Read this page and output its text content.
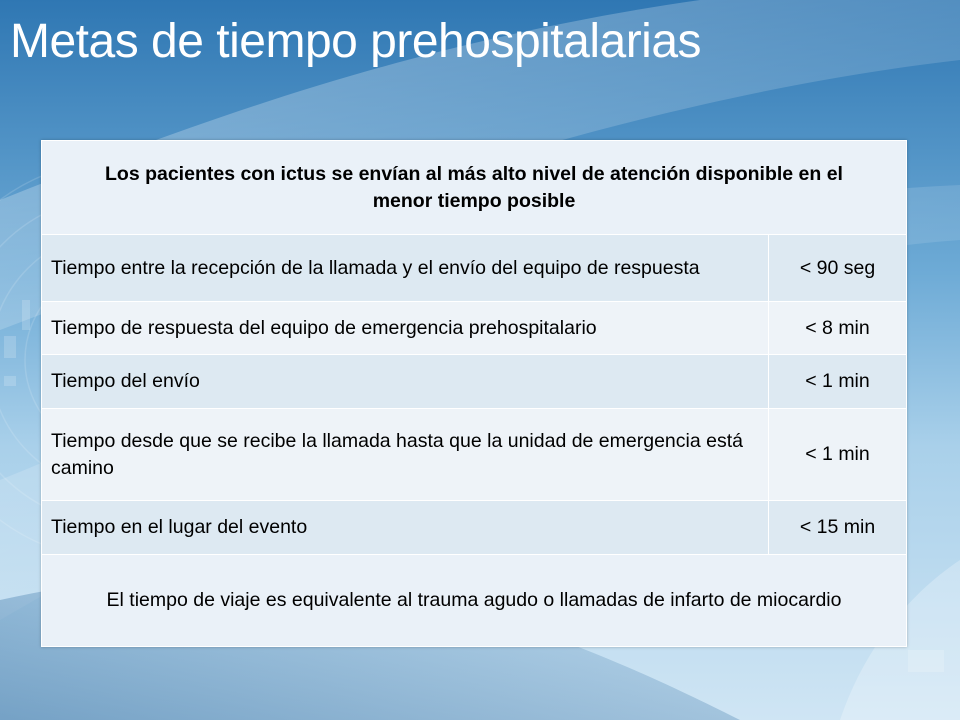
Metas de tiempo prehospitalarias
Los pacientes con ictus se envían al más alto nivel de atención disponible en el menor tiempo posible	
Tiempo entre la recepción de la llamada y el envío del equipo de respuesta	< 90 seg
Tiempo de respuesta del equipo de emergencia prehospitalario	< 8 min
Tiempo del envío	< 1 min
Tiempo desde que se recibe la llamada hasta que la unidad de emergencia está camino	< 1 min
Tiempo en el lugar del evento	< 15 min
El tiempo de viaje es equivalente al trauma agudo o llamadas de infarto de miocardio	
